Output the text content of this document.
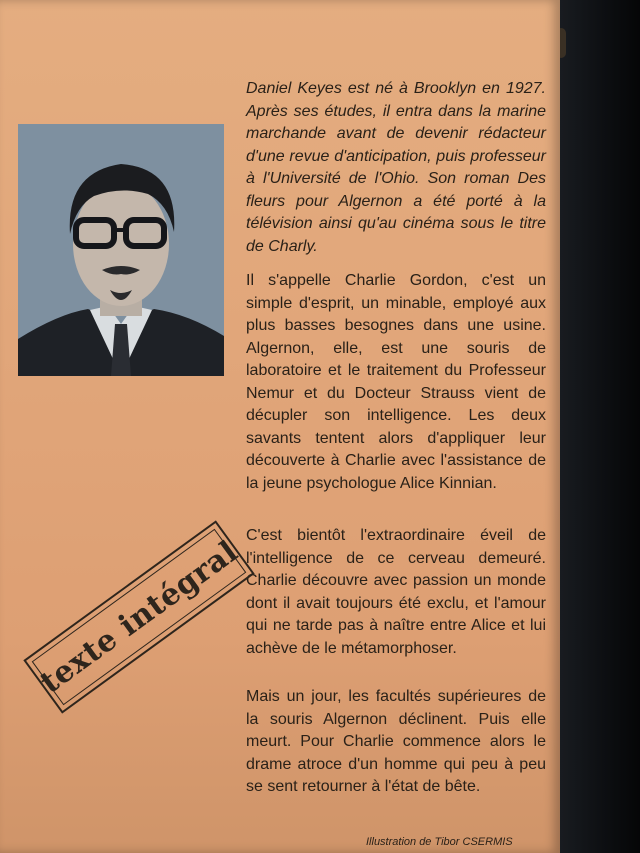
Daniel Keyes est né à Brooklyn en 1927. Après ses études, il entra dans la marine marchande avant de devenir rédacteur d'une revue d'anticipation, puis professeur à l'Université de l'Ohio. Son roman Des fleurs pour Algernon a été porté à la télévision ainsi qu'au cinéma sous le titre de Charly.

Il s'appelle Charlie Gordon, c'est un simple d'esprit, un minable, employé aux plus basses besognes dans une usine. Algernon, elle, est une souris de laboratoire et le traitement du Professeur Nemur et du Docteur Strauss vient de décupler son intelligence. Les deux savants tentent alors d'appliquer leur découverte à Charlie avec l'assistance de la jeune psychologue Alice Kinnian.

C'est bientôt l'extraordinaire éveil de l'intelligence de ce cerveau demeuré. Charlie découvre avec passion un monde dont il avait toujours été exclu, et l'amour qui ne tarde pas à naître entre Alice et lui achève de le métamorphoser.

Mais un jour, les facultés supérieures de la souris Algernon déclinent. Puis elle meurt. Pour Charlie commence alors le drame atroce d'un homme qui peu à peu se sent retourner à l'état de bête.

texte intégral
Illustration de Tibor CSERMIS
